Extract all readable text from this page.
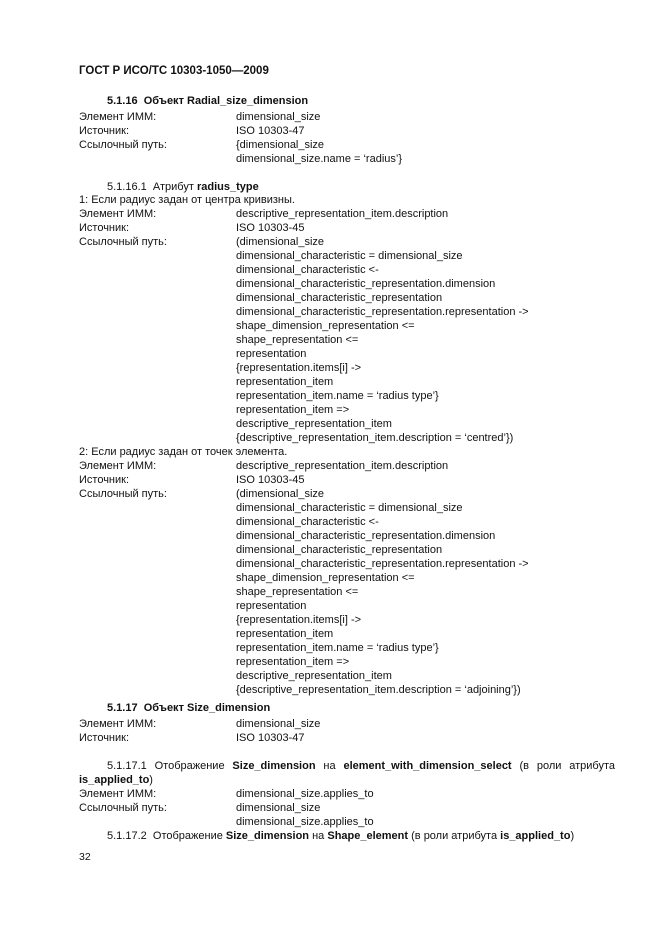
ГОСТ Р ИСО/ТС 10303-1050—2009
5.1.16 Объект Radial_size_dimension
Элемент ИММ:	dimensional_size
Источник:	ISO 10303-47
Ссылочный путь:	{dimensional_size
dimensional_size.name = ‘radius’}
5.1.16.1 Атрибут radius_type
1: Если радиус задан от центра кривизны.
Элемент ИММ:	descriptive_representation_item.description
Источник:	ISO 10303-45
Ссылочный путь:	(dimensional_size
dimensional_characteristic = dimensional_size
dimensional_characteristic <-
dimensional_characteristic_representation.dimension
dimensional_characteristic_representation
dimensional_characteristic_representation.representation ->
shape_dimension_representation <=
shape_representation <=
representation
{representation.items[i] ->
representation_item
representation_item.name = ‘radius type’}
representation_item =>
descriptive_representation_item
{descriptive_representation_item.description = ‘centred’})
2: Если радиус задан от точек элемента.
Элемент ИММ:	descriptive_representation_item.description
Источник:	ISO 10303-45
Ссылочный путь:	(dimensional_size
dimensional_characteristic = dimensional_size
dimensional_characteristic <-
dimensional_characteristic_representation.dimension
dimensional_characteristic_representation
dimensional_characteristic_representation.representation ->
shape_dimension_representation <=
shape_representation <=
representation
{representation.items[i] ->
representation_item
representation_item.name = ‘radius type’}
representation_item =>
descriptive_representation_item
{descriptive_representation_item.description = ‘adjoining’})
5.1.17 Объект Size_dimension
Элемент ИММ:	dimensional_size
Источник:	ISO 10303-47
5.1.17.1 Отображение Size_dimension на element_with_dimension_select (в роли атрибута is_applied_to)
Элемент ИММ:	dimensional_size.applies_to
Ссылочный путь:	dimensional_size
dimensional_size.applies_to
5.1.17.2 Отображение Size_dimension на Shape_element (в роли атрибута is_applied_to)
32
